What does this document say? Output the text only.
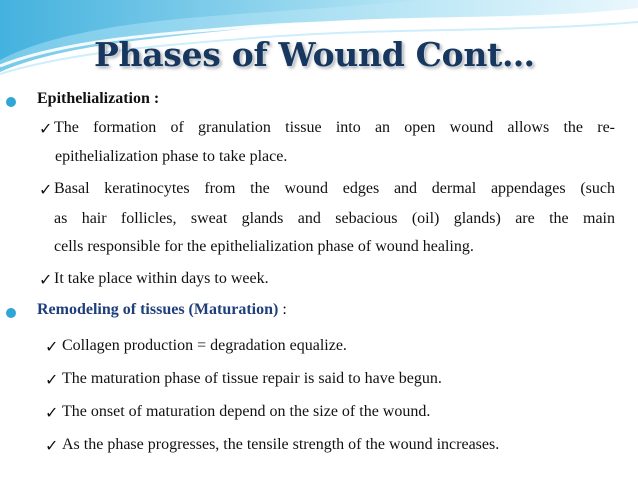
Phases of Wound Cont…
Epithelialization :
✓ The formation of granulation tissue into an open wound allows the re-
epithelialization phase to take place.
✓ Basal keratinocytes from the wound edges and dermal appendages (such
as hair follicles, sweat glands and sebacious (oil) glands) are the main
cells responsible for the epithelialization phase of wound healing.
✓ It take place within days to week.
Remodeling of tissues (Maturation) :
✓ Collagen production = degradation equalize.
✓ The maturation phase of tissue repair is said to have begun.
✓ The onset of maturation depend on the size of the wound.
✓ As the phase progresses, the tensile strength of the wound increases.
